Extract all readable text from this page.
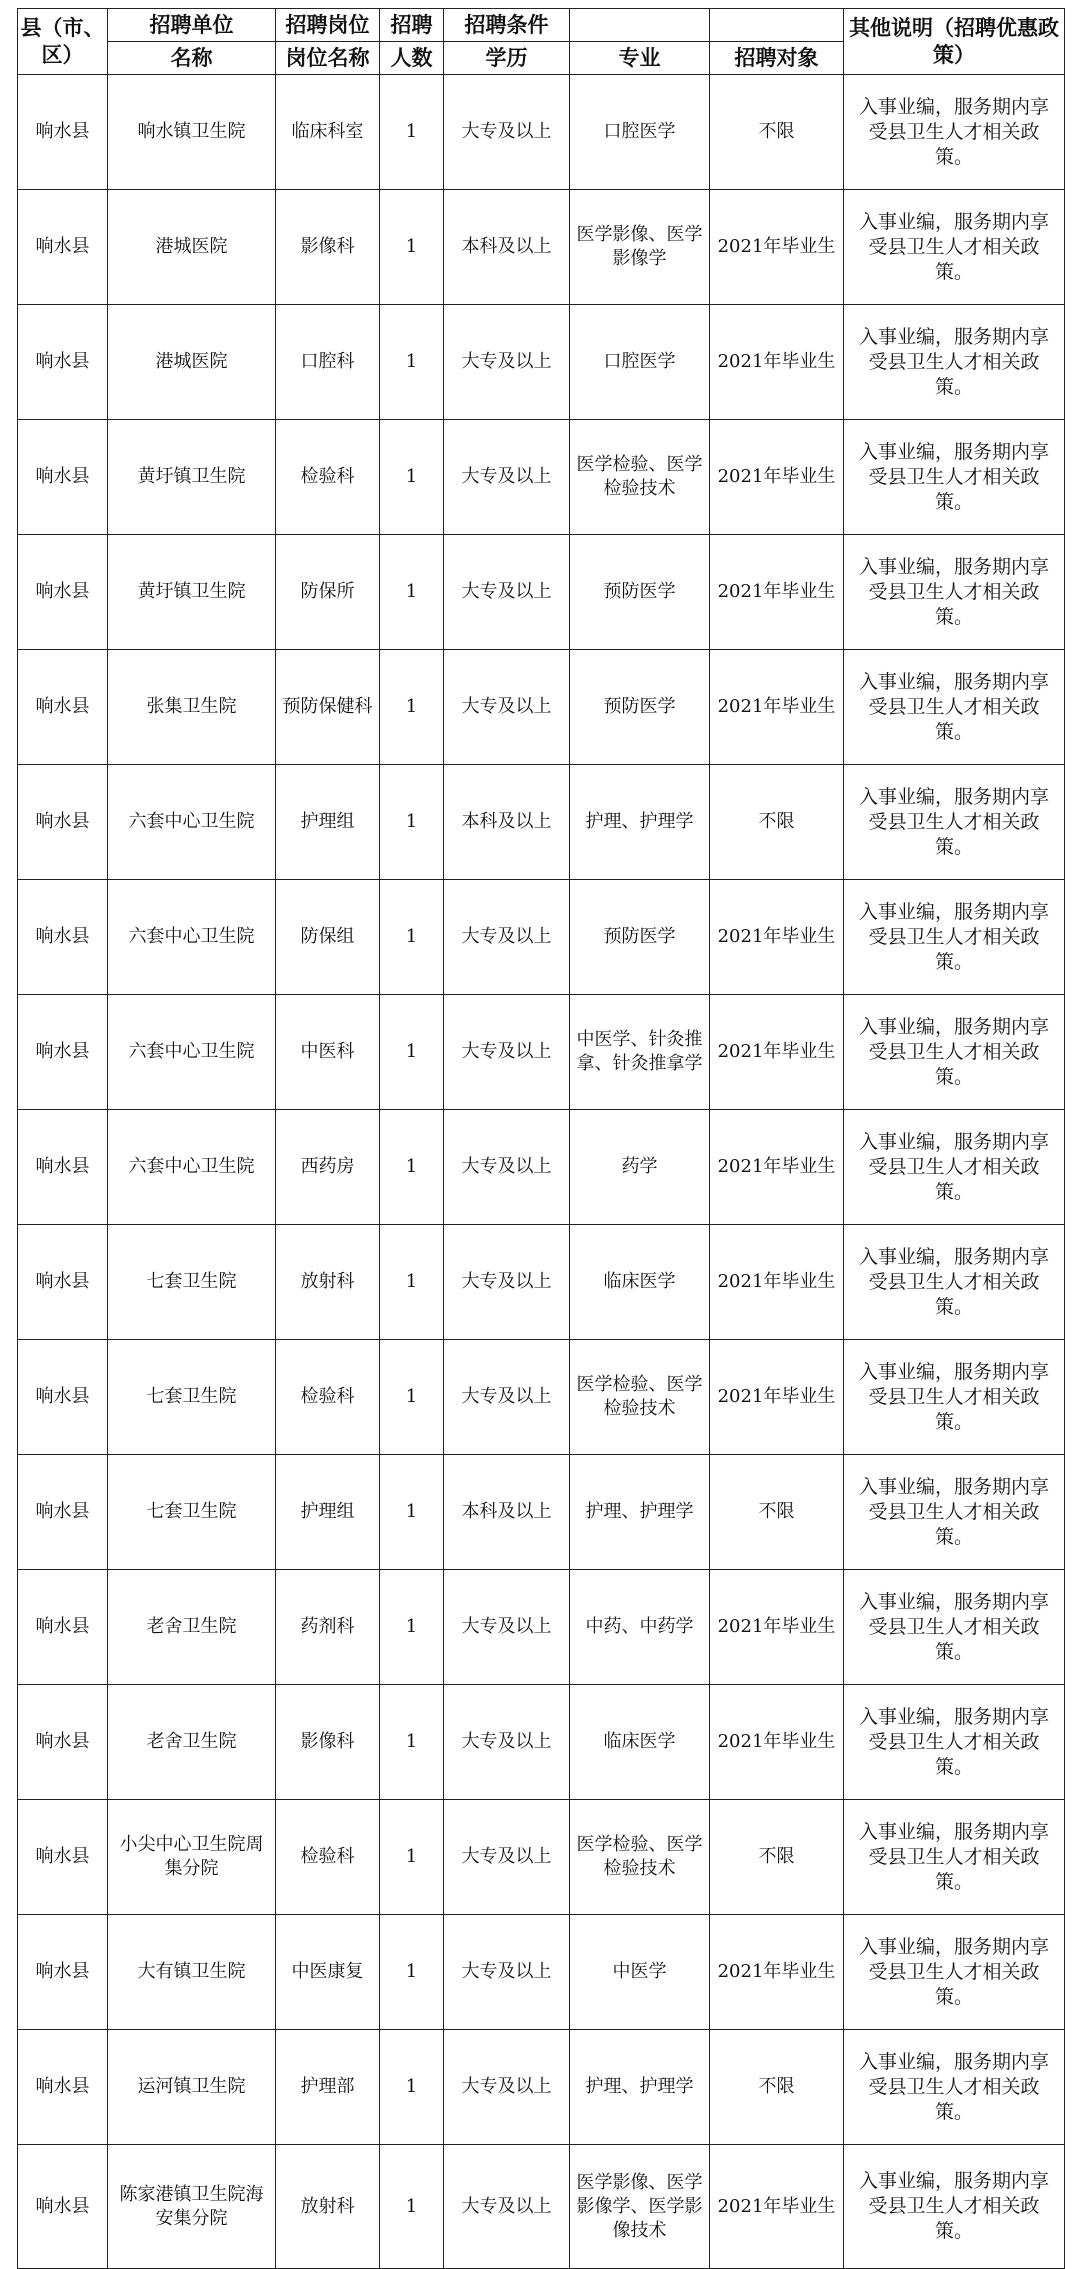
县（市、区）	招聘单位	招聘岗位	招聘	招聘条件			其他说明（招聘优惠政策）
	名称	岗位名称	人数	学历	专业	招聘对象	
响水县	响水镇卫生院	临床科室	1	大专及以上	口腔医学	不限	入事业编，服务期内享受县卫生人才相关政策。
响水县	港城医院	影像科	1	本科及以上	医学影像、医学影像学	2021年毕业生	入事业编，服务期内享受县卫生人才相关政策。
响水县	港城医院	口腔科	1	大专及以上	口腔医学	2021年毕业生	入事业编，服务期内享受县卫生人才相关政策。
响水县	黄圩镇卫生院	检验科	1	大专及以上	医学检验、医学检验技术	2021年毕业生	入事业编，服务期内享受县卫生人才相关政策。
响水县	黄圩镇卫生院	防保所	1	大专及以上	预防医学	2021年毕业生	入事业编，服务期内享受县卫生人才相关政策。
响水县	张集卫生院	预防保健科	1	大专及以上	预防医学	2021年毕业生	入事业编，服务期内享受县卫生人才相关政策。
响水县	六套中心卫生院	护理组	1	本科及以上	护理、护理学	不限	入事业编，服务期内享受县卫生人才相关政策。
响水县	六套中心卫生院	防保组	1	大专及以上	预防医学	2021年毕业生	入事业编，服务期内享受县卫生人才相关政策。
响水县	六套中心卫生院	中医科	1	大专及以上	中医学、针灸推拿、针灸推拿学	2021年毕业生	入事业编，服务期内享受县卫生人才相关政策。
响水县	六套中心卫生院	西药房	1	大专及以上	药学	2021年毕业生	入事业编，服务期内享受县卫生人才相关政策。
响水县	七套卫生院	放射科	1	大专及以上	临床医学	2021年毕业生	入事业编，服务期内享受县卫生人才相关政策。
响水县	七套卫生院	检验科	1	大专及以上	医学检验、医学检验技术	2021年毕业生	入事业编，服务期内享受县卫生人才相关政策。
响水县	七套卫生院	护理组	1	本科及以上	护理、护理学	不限	入事业编，服务期内享受县卫生人才相关政策。
响水县	老舍卫生院	药剂科	1	大专及以上	中药、中药学	2021年毕业生	入事业编，服务期内享受县卫生人才相关政策。
响水县	老舍卫生院	影像科	1	大专及以上	临床医学	2021年毕业生	入事业编，服务期内享受县卫生人才相关政策。
响水县	小尖中心卫生院周集分院	检验科	1	大专及以上	医学检验、医学检验技术	不限	入事业编，服务期内享受县卫生人才相关政策。
响水县	大有镇卫生院	中医康复	1	大专及以上	中医学	2021年毕业生	入事业编，服务期内享受县卫生人才相关政策。
响水县	运河镇卫生院	护理部	1	大专及以上	护理、护理学	不限	入事业编，服务期内享受县卫生人才相关政策。
响水县	陈家港镇卫生院海安集分院	放射科	1	大专及以上	医学影像、医学影像学、医学影像技术	2021年毕业生	入事业编，服务期内享受县卫生人才相关政策。
